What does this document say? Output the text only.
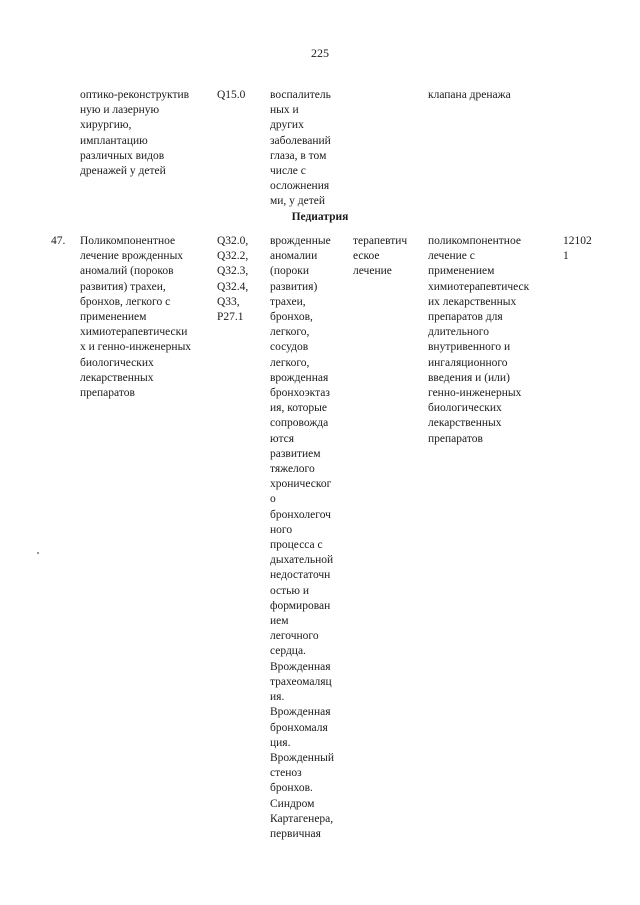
225
оптико-реконструктив
ную и лазерную
хирургию,
имплантацию
различных видов
дренажей у детей
Q15.0	воспалитель
ных и
других
заболеваний
глаза, в том
числе с
осложнения
ми, у детей
клапана дренажа
Педиатрия
47.	Поликомпонентное
лечение врожденных
аномалий (пороков
развития) трахеи,
бронхов, легкого с
применением
химиотерапевтически
х и генно-инженерных
биологических
лекарственных
препаратов
Q32.0,
Q32.2,
Q32.3,
Q32.4,
Q33,
P27.1
врожденные
аномалии
(пороки
развития)
трахеи,
бронхов,
легкого,
сосудов
легкого,
врожденная
бронхоэктаз
ия, которые
сопровожда
ются
развитием
тяжелого
хроническог
о
бронхолегоч
ного
процесса с
дыхательной
недостаточн
остью и
формирован
ием
легочного
сердца.
Врожденная
трахеомаляц
ия.
Врожденная
бронхомаля
ция.
Врожденный
стеноз
бронхов.
Синдром
Картагенера,
первичная
терапевтич
еское
лечение
поликомпонентное
лечение с
применением
химиотерапевтическ
их лекарственных
препаратов для
длительного
внутривенного и
ингаляционного
введения и (или)
генно-инженерных
биологических
лекарственных
препаратов
12102
1
